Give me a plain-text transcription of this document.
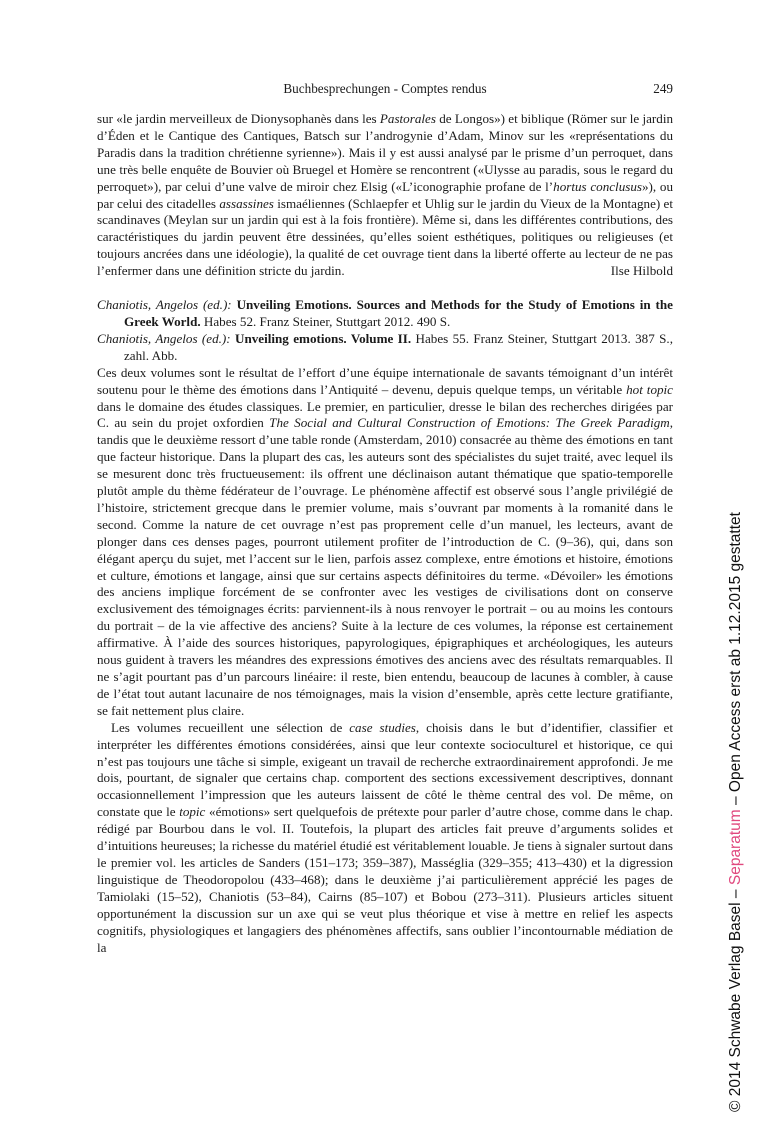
Buchbesprechungen - Comptes rendus	249

sur «le jardin merveilleux de Dionysophanès dans les Pastorales de Longos») et biblique (Römer sur le jardin d’Éden et le Cantique des Cantiques, Batsch sur l’androgynie d’Adam, Minov sur les «représentations du Paradis dans la tradition chrétienne syrienne»). Mais il y est aussi analysé par le prisme d’un perroquet, dans une très belle enquête de Bouvier où Bruegel et Homère se rencontrent («Ulysse au paradis, sous le regard du perroquet»), par celui d’une valve de miroir chez Elsig («L’iconographie profane de l’hortus conclusus»), ou par celui des citadelles assassines ismaéliennes (Schlaepfer et Uhlig sur le jardin du Vieux de la Montagne) et scandinaves (Meylan sur un jardin qui est à la fois frontière). Même si, dans les différentes contributions, des caractéristiques du jardin peuvent être dessinées, qu’elles soient esthétiques, politiques ou religieuses (et toujours ancrées dans une idéologie), la qualité de cet ouvrage tient dans la liberté offerte au lecteur de ne pas l’enfermer dans une définition stricte du jardin.	Ilse Hilbold

Chaniotis, Angelos (ed.): Unveiling Emotions. Sources and Methods for the Study of Emotions in the Greek World. Habes 52. Franz Steiner, Stuttgart 2012. 490 S.

Chaniotis, Angelos (ed.): Unveiling emotions. Volume II. Habes 55. Franz Steiner, Stuttgart 2013. 387 S., zahl. Abb.

Ces deux volumes sont le résultat de l’effort d’une équipe internationale de savants témoignant d’un intérêt soutenu pour le thème des émotions dans l’Antiquité – devenu, depuis quelque temps, un véritable hot topic dans le domaine des études classiques. Le premier, en particulier, dresse le bilan des recherches dirigées par C. au sein du projet oxfordien The Social and Cultural Construction of Emotions: The Greek Paradigm, tandis que le deuxième ressort d’une table ronde (Amsterdam, 2010) consacrée au thème des émotions en tant que facteur historique. Dans la plupart des cas, les auteurs sont des spécialistes du sujet traité, avec lequel ils se mesurent donc très fructueusement: ils offrent une déclinaison autant thématique que spatio-temporelle plutôt ample du thème fédérateur de l’ouvrage. Le phénomène affectif est observé sous l’angle privilégié de l’histoire, strictement grecque dans le premier volume, mais s’ouvrant par moments à la romanité dans le second. Comme la nature de cet ouvrage n’est pas proprement celle d’un manuel, les lecteurs, avant de plonger dans ces denses pages, pourront utilement profiter de l’introduction de C. (9–36), qui, dans son élégant aperçu du sujet, met l’accent sur le lien, parfois assez complexe, entre émotions et histoire, émotions et culture, émotions et langage, ainsi que sur certains aspects définitoires du terme. «Dévoiler» les émotions des anciens implique forcément de se confronter avec les vestiges de civilisations dont on conserve exclusivement des témoignages écrits: parviennent-ils à nous renvoyer le portrait – ou au moins les contours du portrait – de la vie affective des anciens? Suite à la lecture de ces volumes, la réponse est certainement affirmative. À l’aide des sources historiques, papyrologiques, épigraphiques et archéologiques, les auteurs nous guident à travers les méandres des expressions émotives des anciens avec des résultats remarquables. Il ne s’agit pourtant pas d’un parcours linéaire: il reste, bien entendu, beaucoup de lacunes à combler, à cause de l’état tout autant lacunaire de nos témoignages, mais la vision d’ensemble, après cette lecture gratifiante, se fait nettement plus claire.

Les volumes recueillent une sélection de case studies, choisis dans le but d’identifier, classifier et interpréter les différentes émotions considérées, ainsi que leur contexte socioculturel et historique, ce qui n’est pas toujours une tâche si simple, exigeant un travail de recherche extraordinairement approfondi. Je me dois, pourtant, de signaler que certains chap. comportent des sections excessivement descriptives, donnant occasionnellement l’impression que les auteurs laissent de côté le thème central des vol. De même, on constate que le topic «émotions» sert quelquefois de prétexte pour parler d’autre chose, comme dans le chap. rédigé par Bourbou dans le vol. II. Toutefois, la plupart des articles fait preuve d’arguments solides et d’intuitions heureuses; la richesse du matériel étudié est véritablement louable. Je tiens à signaler surtout dans le premier vol. les articles de Sanders (151–173; 359–387), Masséglia (329–355; 413–430) et la digression linguistique de Theodoropolou (433–468); dans le deuxième j’ai particulièrement apprécié les pages de Tamiolaki (15–52), Chaniotis (53–84), Cairns (85–107) et Bobou (273–311). Plusieurs articles situent opportunément la discussion sur un axe qui se veut plus théorique et vise à mettre en relief les aspects cognitifs, physiologiques et langagiers des phénomènes affectifs, sans oublier l’incontournable médiation de la	© 2014 Schwabe Verlag Basel – Separatum – Open Access erst ab 1.12.2015 gestattet
